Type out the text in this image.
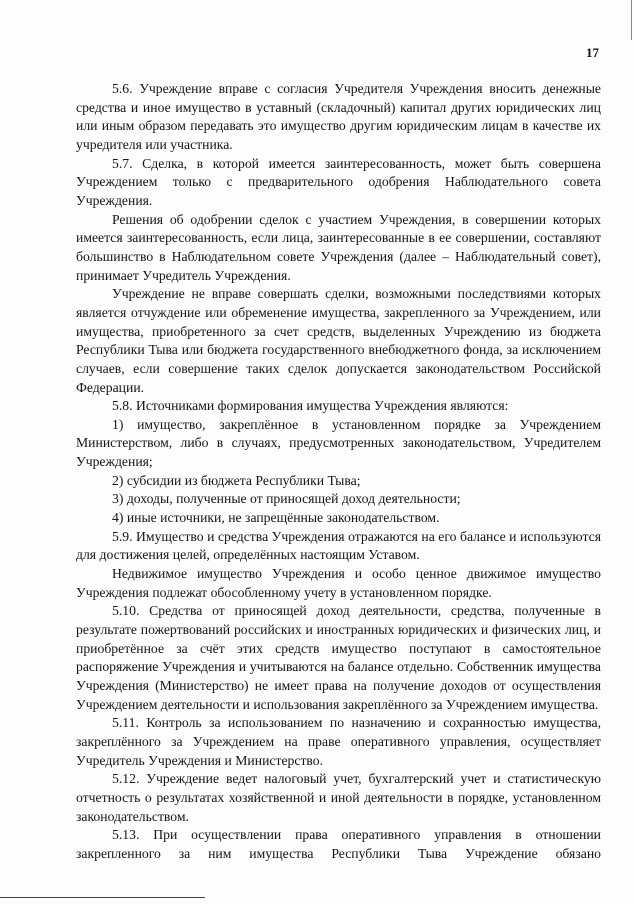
17

5.6. Учреждение вправе с согласия Учредителя Учреждения вносить денежные средства и иное имущество в уставный (складочный) капитал других юридических лиц или иным образом передавать это имущество другим юридическим лицам в качестве их учредителя или участника.

5.7. Сделка, в которой имеется заинтересованность, может быть совершена Учреждением только с предварительного одобрения Наблюдательного совета Учреждения.

Решения об одобрении сделок с участием Учреждения, в совершении которых имеется заинтересованность, если лица, заинтересованные в ее совершении, составляют большинство в Наблюдательном совете Учреждения (далее – Наблюдательный совет), принимает Учредитель Учреждения.

Учреждение не вправе совершать сделки, возможными последствиями которых является отчуждение или обременение имущества, закрепленного за Учреждением, или имущества, приобретенного за счет средств, выделенных Учреждению из бюджета Республики Тыва или бюджета государственного внебюджетного фонда, за исключением случаев, если совершение таких сделок допускается законодательством Российской Федерации.

5.8. Источниками формирования имущества Учреждения являются:

1) имущество, закреплённое в установленном порядке за Учреждением Министерством, либо в случаях, предусмотренных законодательством, Учредителем Учреждения;

2) субсидии из бюджета Республики Тыва;

3) доходы, полученные от приносящей доход деятельности;

4) иные источники, не запрещённые законодательством.

5.9. Имущество и средства Учреждения отражаются на его балансе и используются для достижения целей, определённых настоящим Уставом.

Недвижимое имущество Учреждения и особо ценное движимое имущество Учреждения подлежат обособленному учету в установленном порядке.

5.10. Средства от приносящей доход деятельности, средства, полученные в результате пожертвований российских и иностранных юридических и физических лиц, и приобретённое за счёт этих средств имущество поступают в самостоятельное распоряжение Учреждения и учитываются на балансе отдельно. Собственник имущества Учреждения (Министерство) не имеет права на получение доходов от осуществления Учреждением деятельности и использования закреплённого за Учреждением имущества.

5.11. Контроль за использованием по назначению и сохранностью имущества, закреплённого за Учреждением на праве оперативного управления, осуществляет Учредитель Учреждения и Министерство.

5.12. Учреждение ведет налоговый учет, бухгалтерский учет и статистическую отчетность о результатах хозяйственной и иной деятельности в порядке, установленном законодательством.

5.13. При осуществлении права оперативного управления в отношении закрепленного за ним имущества Республики Тыва Учреждение обязано
